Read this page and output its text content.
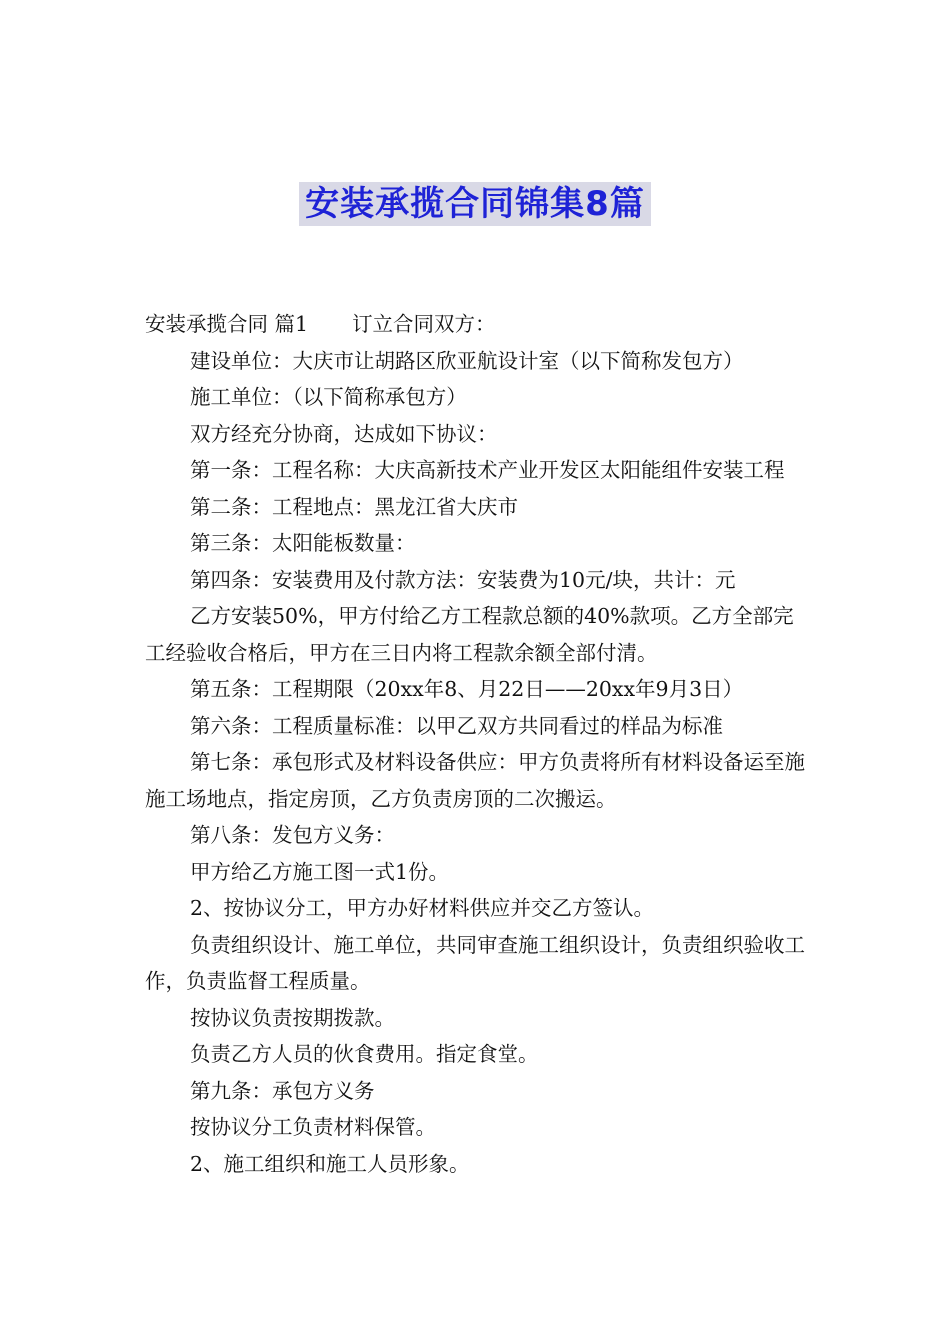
安装承揽合同锦集8篇

安装承揽合同 篇1 订立合同双方：

建设单位：大庆市让胡路区欣亚航设计室（以下简称发包方）

施工单位：（以下简称承包方）

双方经充分协商，达成如下协议：

第一条：工程名称：大庆高新技术产业开发区太阳能组件安装工程

第二条：工程地点：黑龙江省大庆市

第三条：太阳能板数量：

第四条：安装费用及付款方法：安装费为10元/块，共计：元

乙方安装50%，甲方付给乙方工程款总额的40%款项。乙方全部完工经验收合格后，甲方在三日内将工程款余额全部付清。

第五条：工程期限（20xx年8、月22日——20xx年9月3日）

第六条：工程质量标准：以甲乙双方共同看过的样品为标准

第七条：承包形式及材料设备供应：甲方负责将所有材料设备运至施施工场地点，指定房顶，乙方负责房顶的二次搬运。

第八条：发包方义务：

甲方给乙方施工图一式1份。

2、按协议分工，甲方办好材料供应并交乙方签认。

负责组织设计、施工单位，共同审查施工组织设计，负责组织验收工作，负责监督工程质量。

按协议负责按期拨款。

负责乙方人员的伙食费用。指定食堂。

第九条：承包方义务

按协议分工负责材料保管。

2、施工组织和施工人员形象。
